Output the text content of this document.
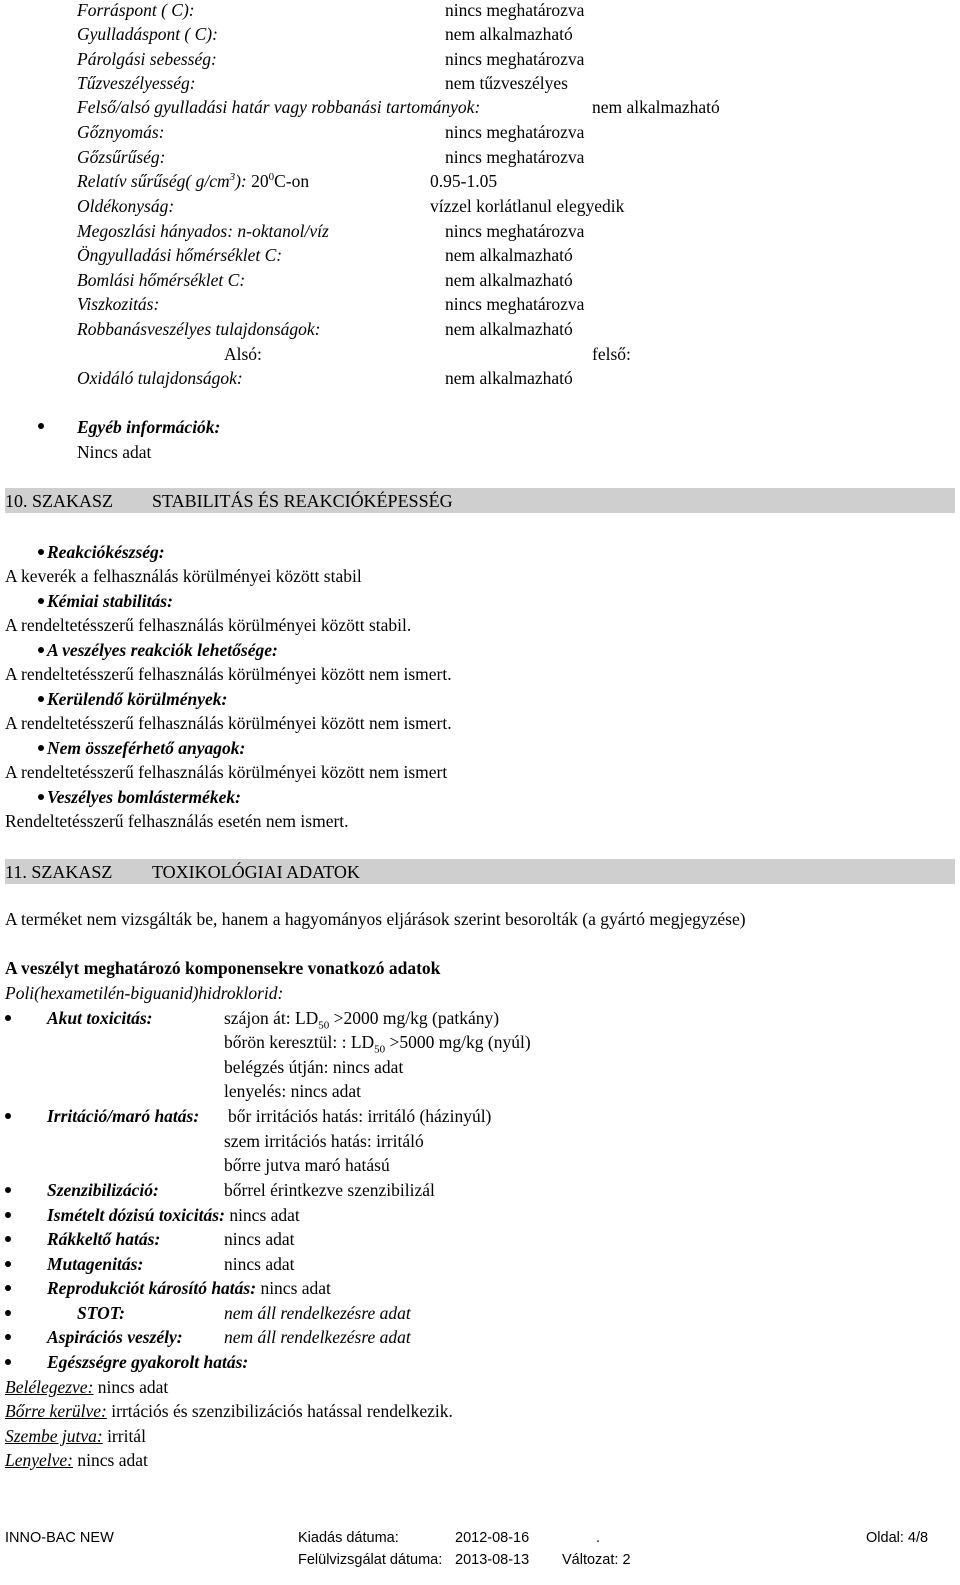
Forráspont ( C):	nincs meghatározva
Gyulladáspont ( C):	nem alkalmazható
Párolgási sebesség:	nincs meghatározva
Tűzveszélyesség:	nem tűzveszélyes
Felső/alsó gyulladási határ vagy robbanási tartományok:	nem alkalmazható
Gőznyomás:	nincs meghatározva
Gőzsűrűség:	nincs meghatározva
Relatív sűrűség( $g/cm^3$): $20^0C-on$	0.95-1.05
Oldékonyság:	vízzel korlátlanul elegyedik
Megoszlási hányados: n-oktanol/víz	nincs meghatározva
Öngyulladási hőmérséklet C:	nem alkalmazható
Bomlási hőmérséklet C:	nem alkalmazható
Viszkozitás:	nincs meghatározva
Robbanásveszélyes tulajdonságok:	nem alkalmazható
Alsó:	felső:
Oxidáló tulajdonságok:	nem alkalmazható
Egyéb információk:
Nincs adat
10. SZAKASZ STABILITÁS ÉS REAKCIÓKÉPESSÉG
Reakciókészség:
A keverék a felhasználás körülményei között stabil
Kémiai stabilitás:
A rendeltetésszerű felhasználás körülményei között stabil.
A veszélyes reakciók lehetősége:
A rendeltetésszerű felhasználás körülményei között nem ismert.
Kerülendő körülmények:
A rendeltetésszerű felhasználás körülményei között nem ismert.
Nem összeférhető anyagok:
A rendeltetésszerű felhasználás körülményei között nem ismert
Veszélyes bomlástermékek:
Rendeltetésszerű felhasználás esetén nem ismert.
11. SZAKASZ TOXIKOLÓGIAI ADATOK
A terméket nem vizsgálták be, hanem a hagyományos eljárások szerint besorolták (a gyártó megjegyzése)
A veszélyt meghatározó komponensekre vonatkozó adatok
Poli(hexametilén-biguanid)hidroklorid:
Akut toxicitás:	szájon át: $LD_{50} >2000$ mg/kg (patkány)
bőrön keresztül: : $LD_{50} >5000$ mg/kg (nyúl)
belégzés útján: nincs adat
lenyelés: nincs adat
Irritáció/maró hatás: bőr irritációs hatás: irritáló (házinyúl)
szem irritációs hatás: irritáló
bőrre jutva maró hatású
Szenzibilizáció:	bőrrel érintkezve szenzibilizál
Ismételt dózisú toxicitás: nincs adat
Rákkeltő hatás:	nincs adat
Mutagenitás:	nincs adat
Reprodukciót károsító hatás: nincs adat
STOT:	nem áll rendelkezésre adat
Aspirációs veszély: nem áll rendelkezésre adat
Egészségre gyakorolt hatás:
Belélegezve: nincs adat
Bőrre kerülve: irrtációs és szenzibilizációs hatással rendelkezik.
Szembe jutva: irritál
Lenyelve: nincs adat
INNO-BAC NEW	Kiadás dátuma:	2012-08-16	.	Oldal: 4/8
Felülvizsgálat dátuma: 2013-08-13 Változat: 2
